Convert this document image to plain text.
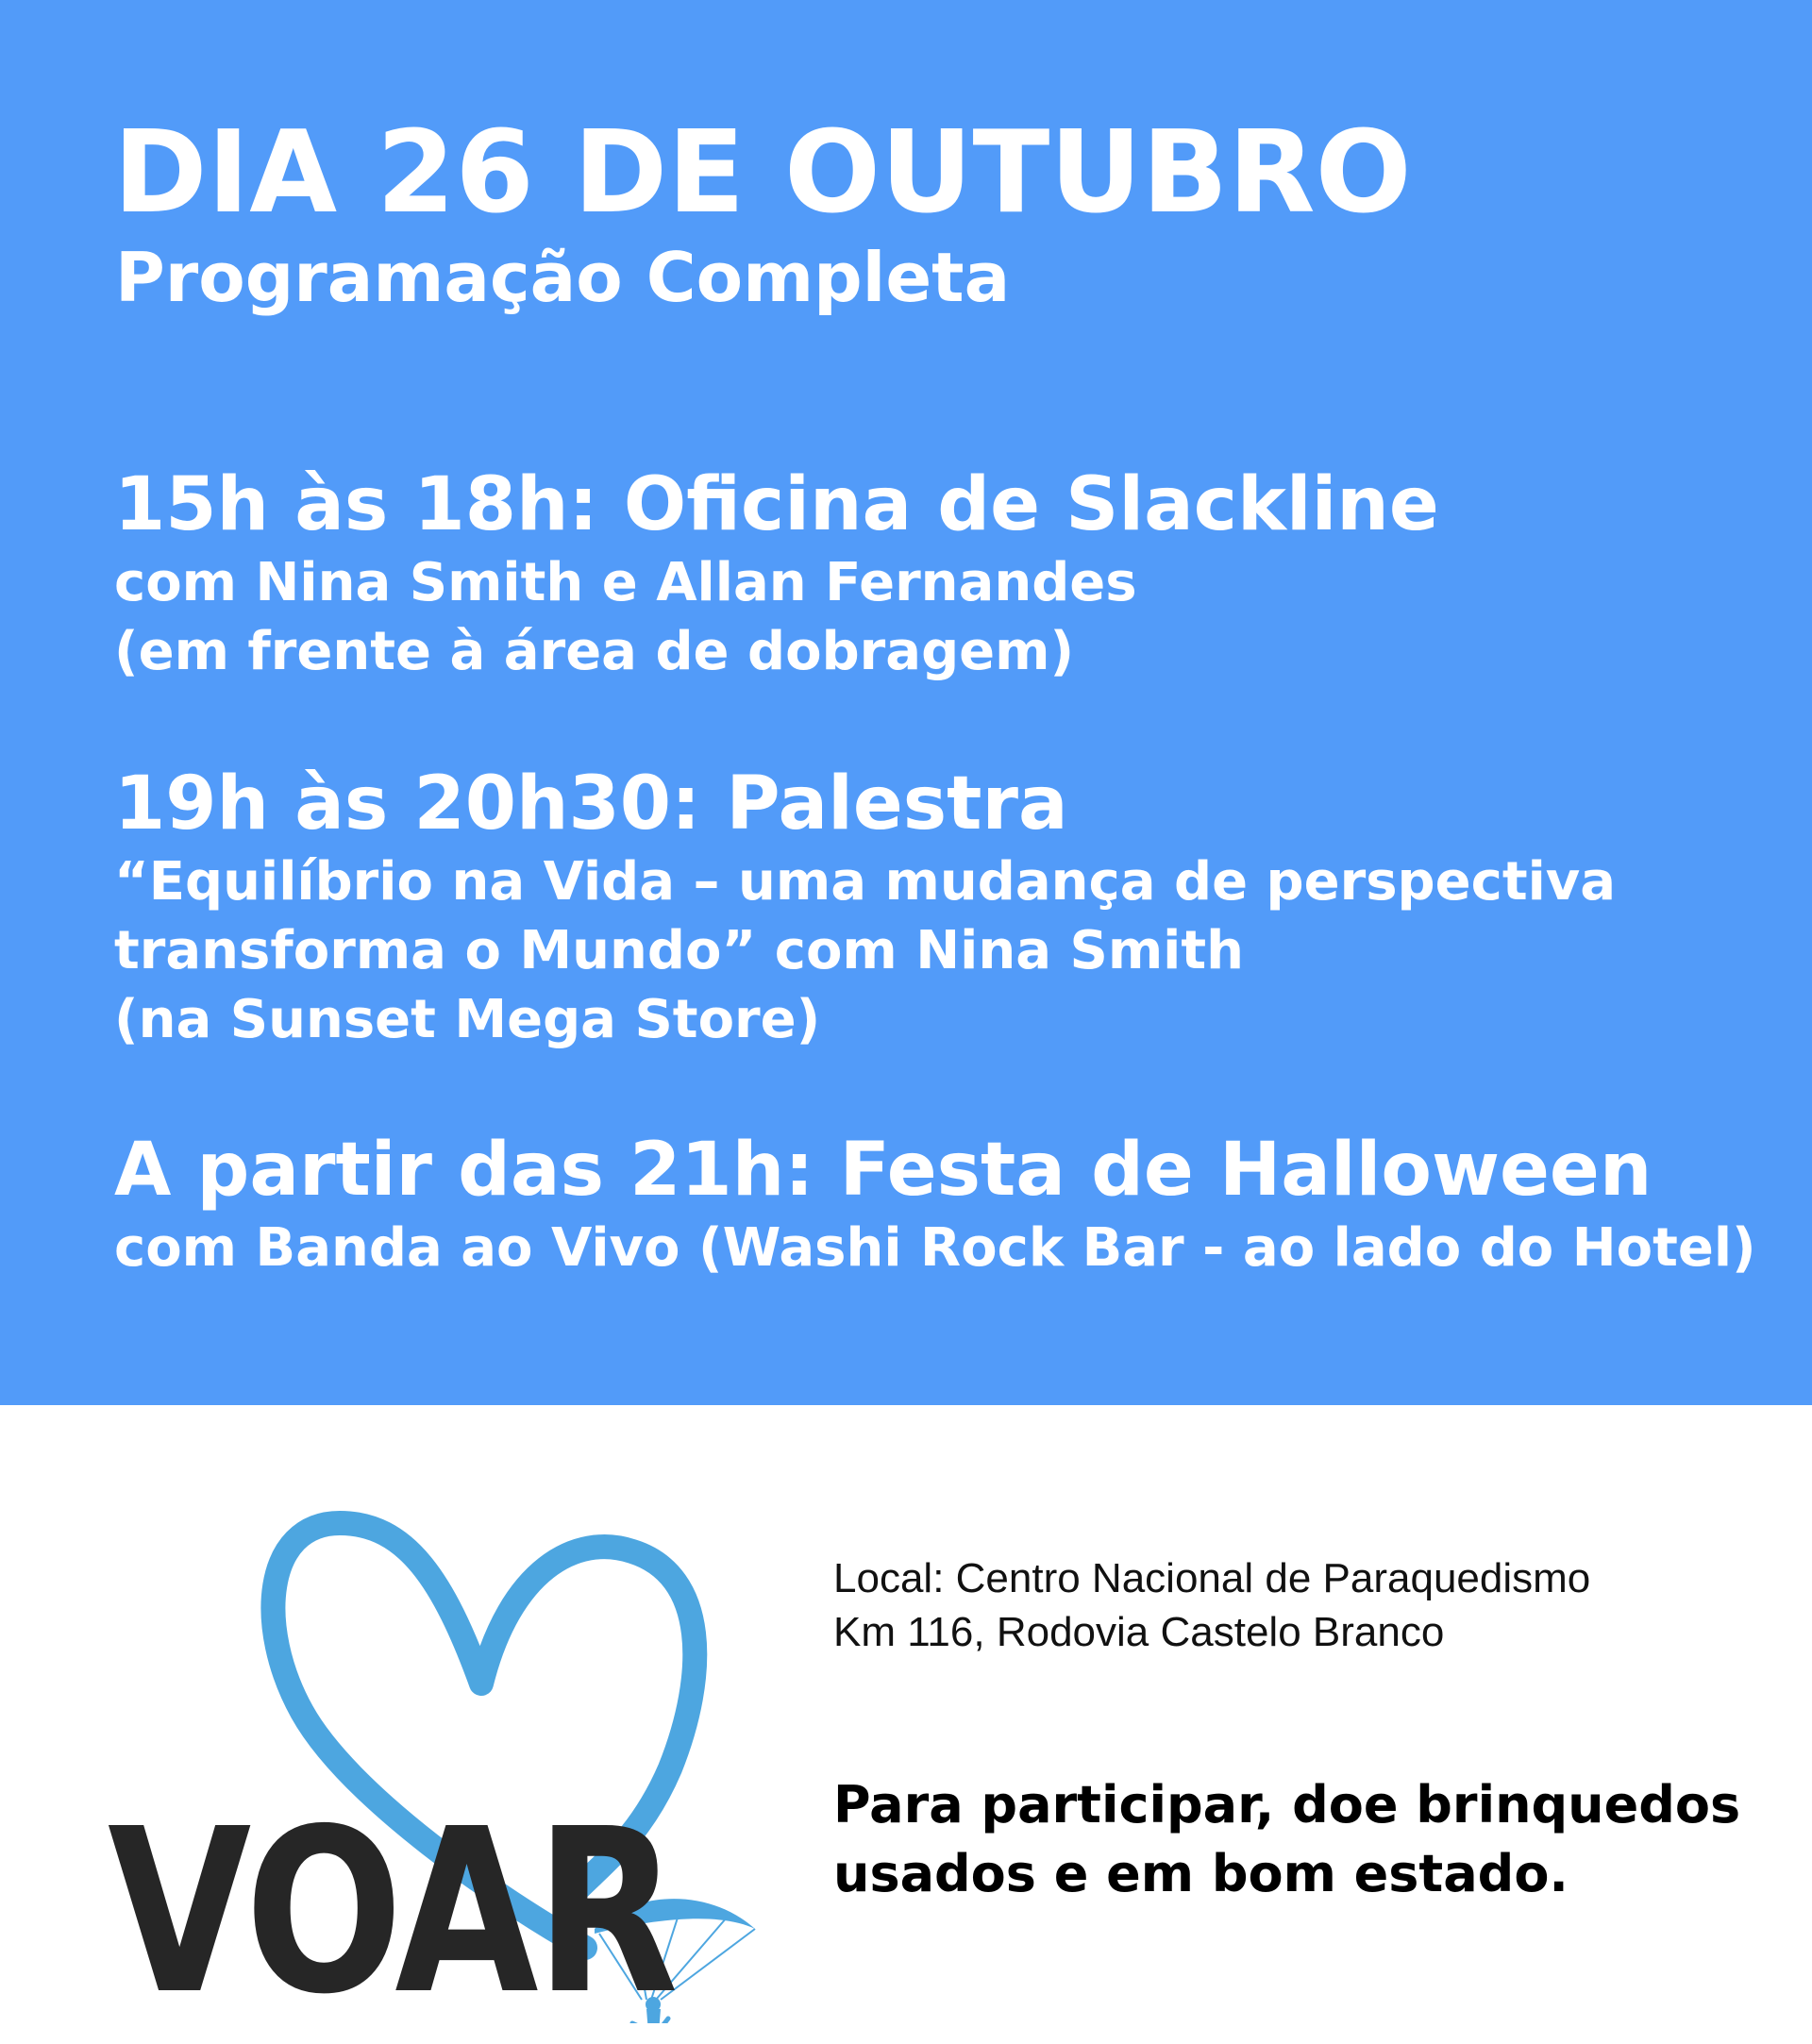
DIA 26 DE OUTUBRO
Programação Completa
15h às 18h: Oficina de Slackline
com Nina Smith e Allan Fernandes
(em frente à área de dobragem)
19h às 20h30: Palestra
“Equilíbrio na Vida – uma mudança de perspectiva
transforma o Mundo” com Nina Smith
(na Sunset Mega Store)
A partir das 21h: Festa de Halloween
com Banda ao Vivo (Washi Rock Bar - ao lado do Hotel)
VOAR
Local: Centro Nacional de Paraquedismo
Km 116, Rodovia Castelo Branco
Para participar, doe brinquedos
usados e em bom estado.
